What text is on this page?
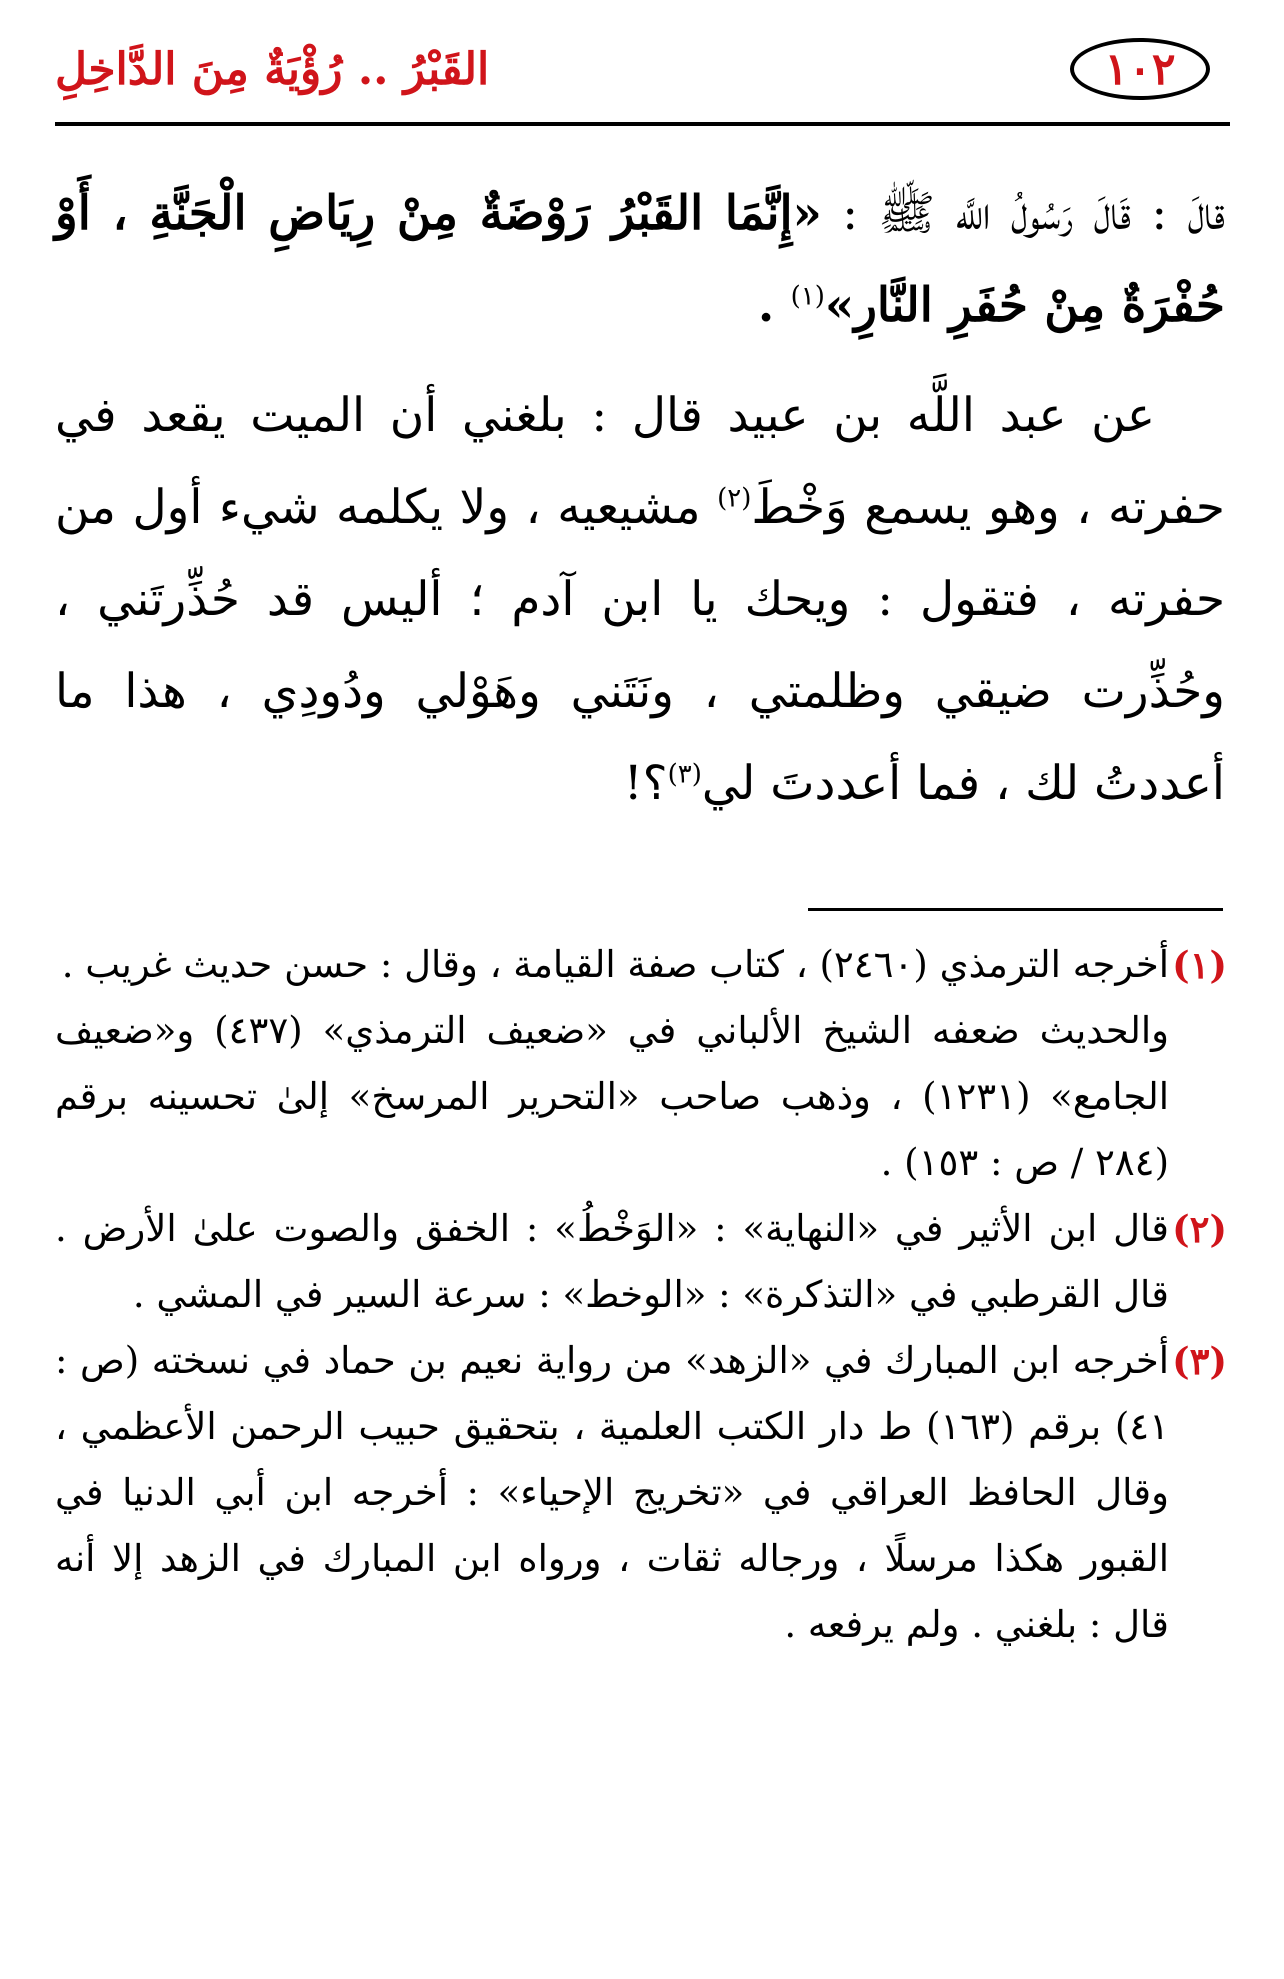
١٠٢
القَبْرُ .. رُؤْيَةٌ مِنَ الدَّاخِلِ

قالَ : قَالَ رَسُولُ اللَّه ﷺ : «إِنَّمَا القَبْرُ رَوْضَةٌ مِنْ رِيَاضِ الْجَنَّةِ ، أَوْ حُفْرَةٌ مِنْ حُفَرِ النَّارِ»$^{(١)}$ .

عن عبد اللَّه بن عبيد قال : بلغني أن الميت يقعد في حفرته ، وهو يسمع وَخْطَ$^{(٢)}$ مشيعيه ، ولا يكلمه شيء أول من حفرته ، فتقول : ويحك يا ابن آدم ؛ أليس قد حُذِّرتَني ، وحُذِّرت ضيقي وظلمتي ، ونَتَني وهَوْلي ودُودِي ، هذا ما أعددتُ لك ، فما أعددتَ لي$^{(٣)}$؟!

(١)

أخرجه الترمذي (٢٤٦٠) ، كتاب صفة القيامة ، وقال : حسن حديث غريب .

والحديث ضعفه الشيخ الألباني في «ضعيف الترمذي» (٤٣٧) و«ضعيف الجامع» (١٢٣١) ، وذهب صاحب «التحرير المرسخ» إلىٰ تحسينه برقم (٢٨٤ / ص : ١٥٣) .

(٢)

قال ابن الأثير في «النهاية» : «الوَخْطُ» : الخفق والصوت علىٰ الأرض . قال القرطبي في «التذكرة» : «الوخط» : سرعة السير في المشي .

(٣)

أخرجه ابن المبارك في «الزهد» من رواية نعيم بن حماد في نسخته (ص : ٤١) برقم (١٦٣) ط دار الكتب العلمية ، بتحقيق حبيب الرحمن الأعظمي ، وقال الحافظ العراقي في «تخريج الإحياء» : أخرجه ابن أبي الدنيا في القبور هكذا مرسلًا ، ورجاله ثقات ، ورواه ابن المبارك في الزهد إلا أنه قال : بلغني . ولم يرفعه .
